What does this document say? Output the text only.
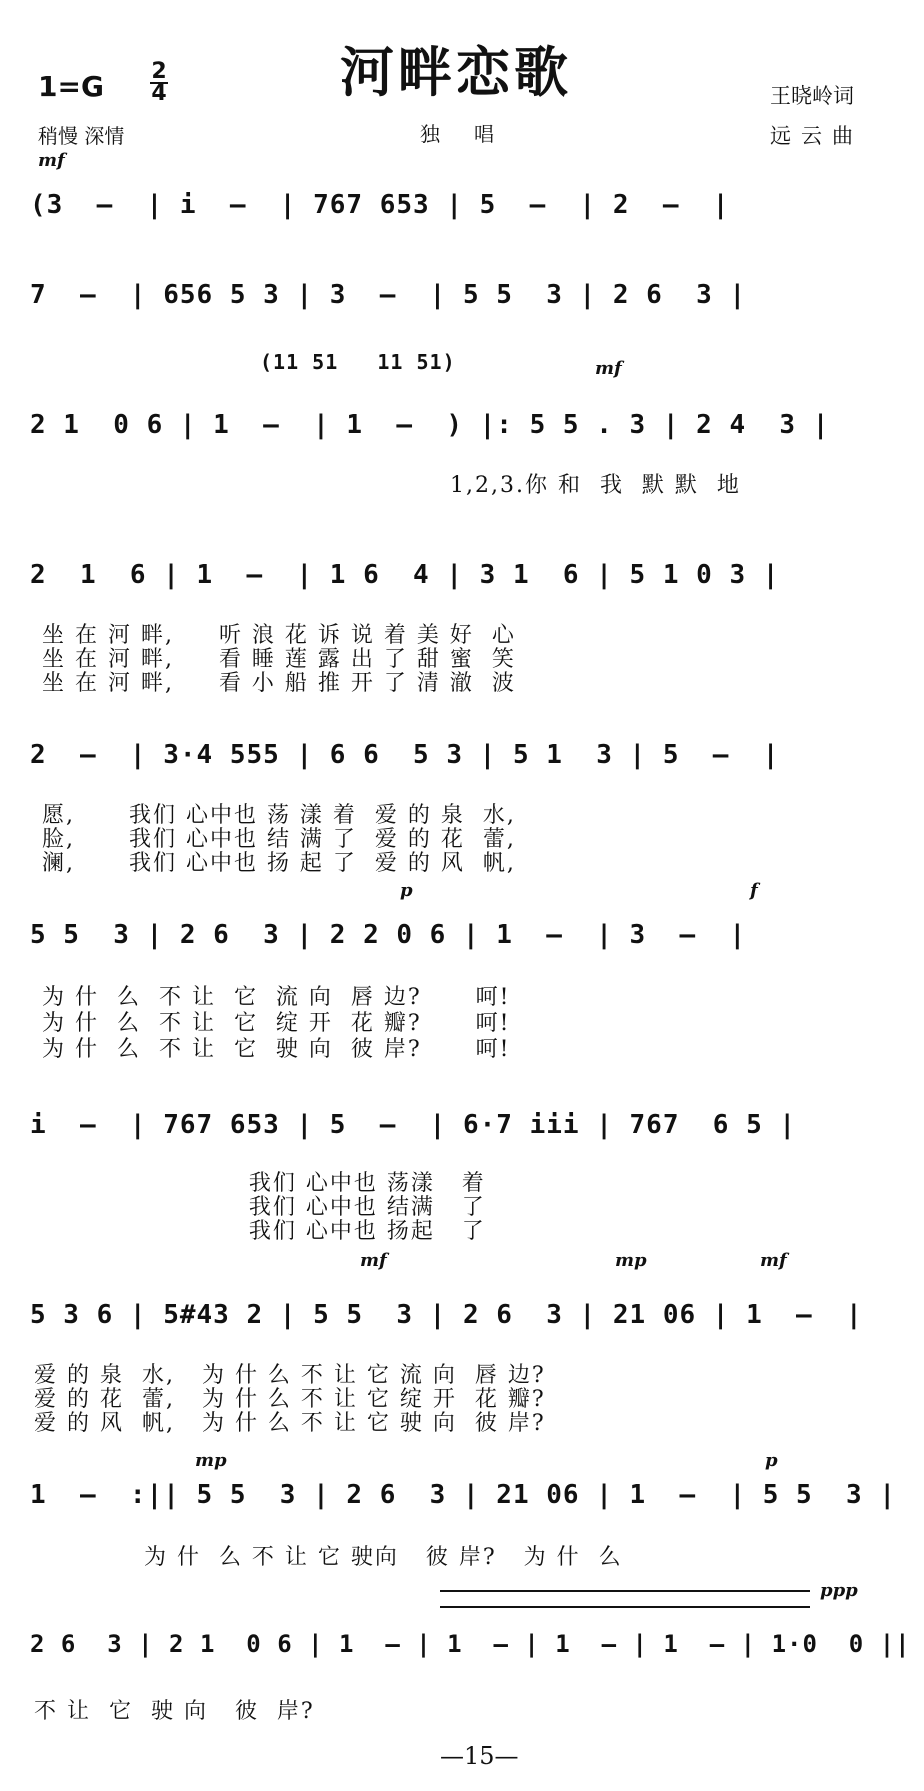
河畔恋歌
1=G 2
4
稍慢 深情	独唱
王晓岭词
远云曲
mf
(3  —  | i  —  | 767 653 | 5  —  | 2  —  |
7  —  | 656 5 3 | 3  —  | 5 5  3 | 2 6  3 |
(11 51   11 51)	mf
2 1  0 6 | 1  —  | 1  —  ) |: 5 5 . 3 | 2 4  3 |
1,2,3.你 和  我  默 默  地
2  1  6 | 1  —  | 1 6  4 | 3 1  6 | 5 1 0 3 |
坐 在 河 畔,     听 浪 花 诉 说 着 美 好  心
坐 在 河 畔,     看 睡 莲 露 出 了 甜 蜜  笑
坐 在 河 畔,     看 小 船 推 开 了 清 澈  波
2  —  | 3·4 555 | 6 6  5 3 | 5 1  3 | 5  —  |
愿,      我们 心中也 荡 漾 着  爱 的 泉  水,
脸,      我们 心中也 结 满 了  爱 的 花  蕾,
澜,      我们 心中也 扬 起 了  爱 的 风  帆,
p	f
5 5  3 | 2 6  3 | 2 2 0 6 | 1  —  | 3  —  |
为 什  么  不 让  它  流 向  唇 边?      呵!
为 什  么  不 让  它  绽 开  花 瓣?      呵!
为 什  么  不 让  它  驶 向  彼 岸?      呵!
i  —  | 767 653 | 5  —  | 6·7 iii | 767  6 5 |
我们 心中也 荡漾   着
我们 心中也 结满   了
我们 心中也 扬起   了
mf	mp	mf
5 3 6 | 5#43 2 | 5 5  3 | 2 6  3 | 21 06 | 1  —  |
爱 的 泉  水,   为 什 么 不 让 它 流 向  唇 边?
爱 的 花  蕾,   为 什 么 不 让 它 绽 开  花 瓣?
爱 的 风  帆,   为 什 么 不 让 它 驶 向  彼 岸?
mp	p
1  —  :|| 5 5  3 | 2 6  3 | 21 06 | 1  —  | 5 5  3 |
为 什  么 不 让 它 驶向   彼 岸?   为 什  么
ppp
2 6  3 | 2 1  0 6 | 1  — | 1  — | 1  — | 1  — | 1·0  0 ||
不 让  它  驶 向   彼  岸?
—15—
